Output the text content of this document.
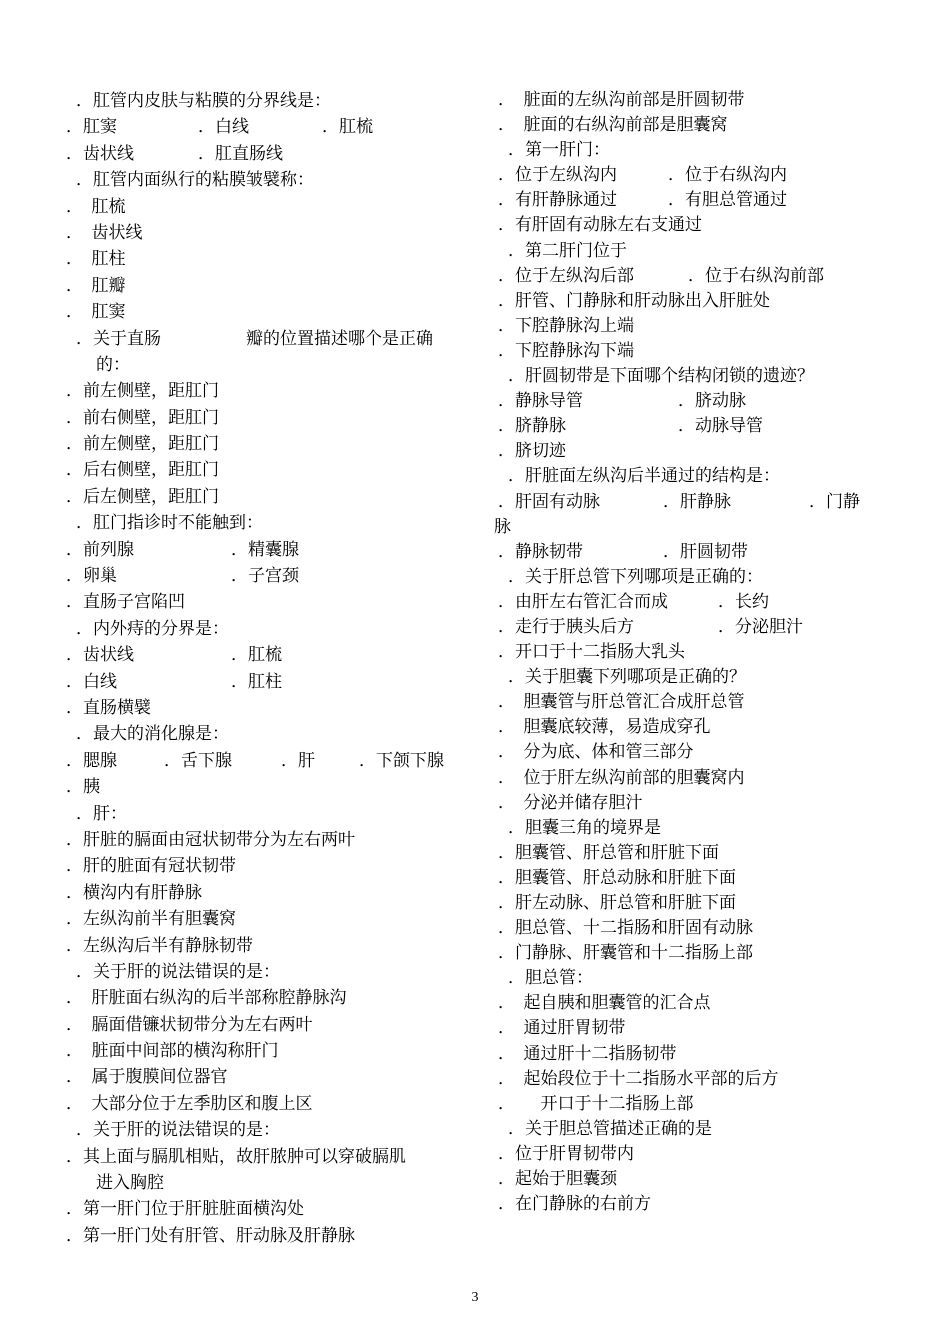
．肛管内皮肤与粘膜的分界线是：
．肛窦	．白线	．肛梳
．齿状线	．肛直肠线
．肛管内面纵行的粘膜皱襞称：
．　肛梳
．　齿状线
．　肛柱
．　肛瓣
．　肛窦
．关于直肠　　　　　瓣的位置描述哪个是正确
的：
．前左侧壁，距肛门
．前右侧壁，距肛门
．前左侧壁，距肛门
．后右侧壁，距肛门
．后左侧壁，距肛门
．肛门指诊时不能触到：
．前列腺	．精囊腺
．卵巢	．子宫颈
．直肠子宫陷凹
．内外痔的分界是：
．齿状线	．肛梳
．白线	．肛柱
．直肠横襞
．最大的消化腺是：
．腮腺	．舌下腺	．肝	．下颌下腺
．胰
．肝：
．肝脏的膈面由冠状韧带分为左右两叶
．肝的脏面有冠状韧带
．横沟内有肝静脉
．左纵沟前半有胆囊窝
．左纵沟后半有静脉韧带
．关于肝的说法错误的是：
．　肝脏面右纵沟的后半部称腔静脉沟
．　膈面借镰状韧带分为左右两叶
．　脏面中间部的横沟称肝门
．　属于腹膜间位器官
．　大部分位于左季肋区和腹上区
．关于肝的说法错误的是：
．其上面与膈肌相贴，故肝脓肿可以穿破膈肌
进入胸腔
．第一肝门位于肝脏脏面横沟处
．第一肝门处有肝管、肝动脉及肝静脉
．　脏面的左纵沟前部是肝圆韧带
．　脏面的右纵沟前部是胆囊窝
．第一肝门：
．位于左纵沟内	．位于右纵沟内
．有肝静脉通过	．有胆总管通过
．有肝固有动脉左右支通过
．第二肝门位于
．位于左纵沟后部	．位于右纵沟前部
．肝管、门静脉和肝动脉出入肝脏处
．下腔静脉沟上端
．下腔静脉沟下端
．肝圆韧带是下面哪个结构闭锁的遗迹？
．静脉导管	．脐动脉
．脐静脉	．动脉导管
．脐切迹
．肝脏面左纵沟后半通过的结构是：
．肝固有动脉	．肝静脉	．门静
脉
．静脉韧带	．肝圆韧带
．关于肝总管下列哪项是正确的：
．由肝左右管汇合而成	．长约
．走行于胰头后方	．分泌胆汁
．开口于十二指肠大乳头
．关于胆囊下列哪项是正确的？
．　胆囊管与肝总管汇合成肝总管
．　胆囊底较薄，易造成穿孔
．　分为底、体和管三部分
．　位于肝左纵沟前部的胆囊窝内
．　分泌并储存胆汁
．胆囊三角的境界是
．胆囊管、肝总管和肝脏下面
．胆囊管、肝总动脉和肝脏下面
．肝左动脉、肝总管和肝脏下面
．胆总管、十二指肠和肝固有动脉
．门静脉、肝囊管和十二指肠上部
．胆总管：
．　起自胰和胆囊管的汇合点
．　通过肝胃韧带
．　通过肝十二指肠韧带
．　起始段位于十二指肠水平部的后方
．　　开口于十二指肠上部
．关于胆总管描述正确的是
．位于肝胃韧带内
．起始于胆囊颈
．在门静脉的右前方
3
